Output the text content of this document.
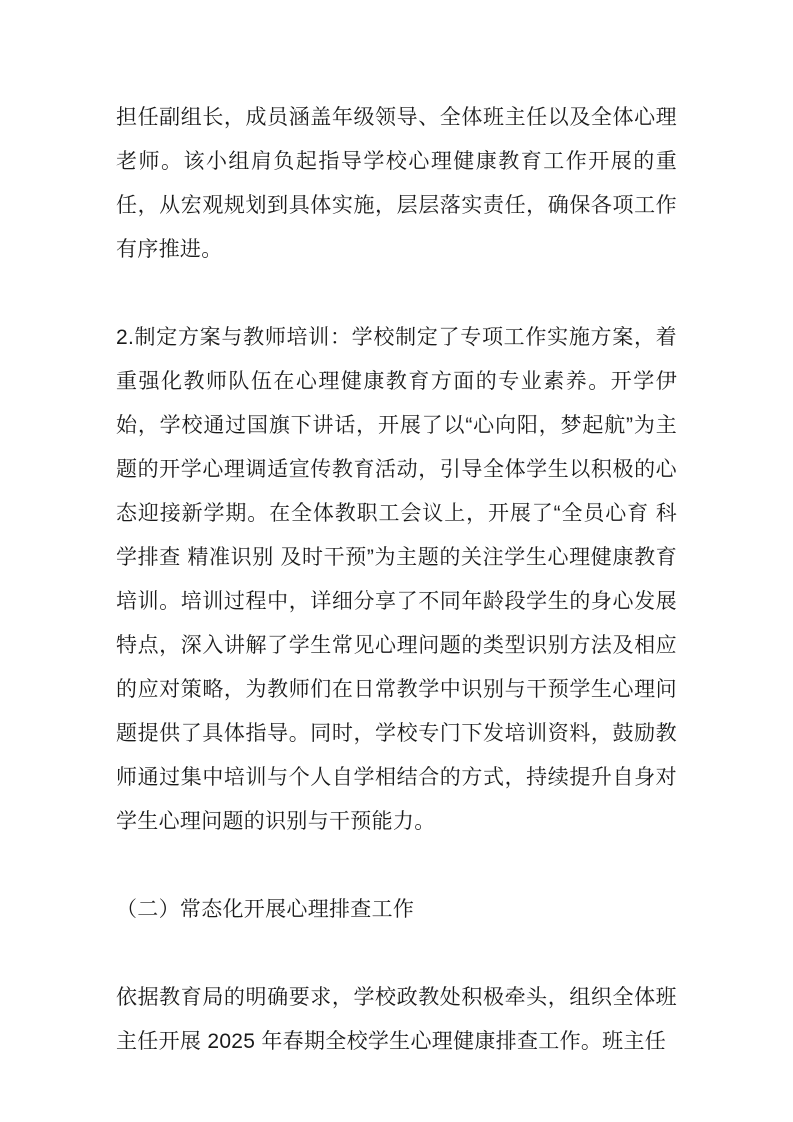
担任副组长，成员涵盖年级领导、全体班主任以及全体心理老师。该小组肩负起指导学校心理健康教育工作开展的重任，从宏观规划到具体实施，层层落实责任，确保各项工作有序推进。

2.制定方案与教师培训：学校制定了专项工作实施方案，着重强化教师队伍在心理健康教育方面的专业素养。开学伊始，学校通过国旗下讲话，开展了以“心向阳，梦起航”为主题的开学心理调适宣传教育活动，引导全体学生以积极的心态迎接新学期。在全体教职工会议上，开展了“全员心育 科学排查 精准识别 及时干预”为主题的关注学生心理健康教育培训。培训过程中，详细分享了不同年龄段学生的身心发展特点，深入讲解了学生常见心理问题的类型识别方法及相应的应对策略，为教师们在日常教学中识别与干预学生心理问题提供了具体指导。同时，学校专门下发培训资料，鼓励教师通过集中培训与个人自学相结合的方式，持续提升自身对学生心理问题的识别与干预能力。

（二）常态化开展心理排查工作

依据教育局的明确要求，学校政教处积极牵头，组织全体班主任开展 2025 年春期全校学生心理健康排查工作。班主任
